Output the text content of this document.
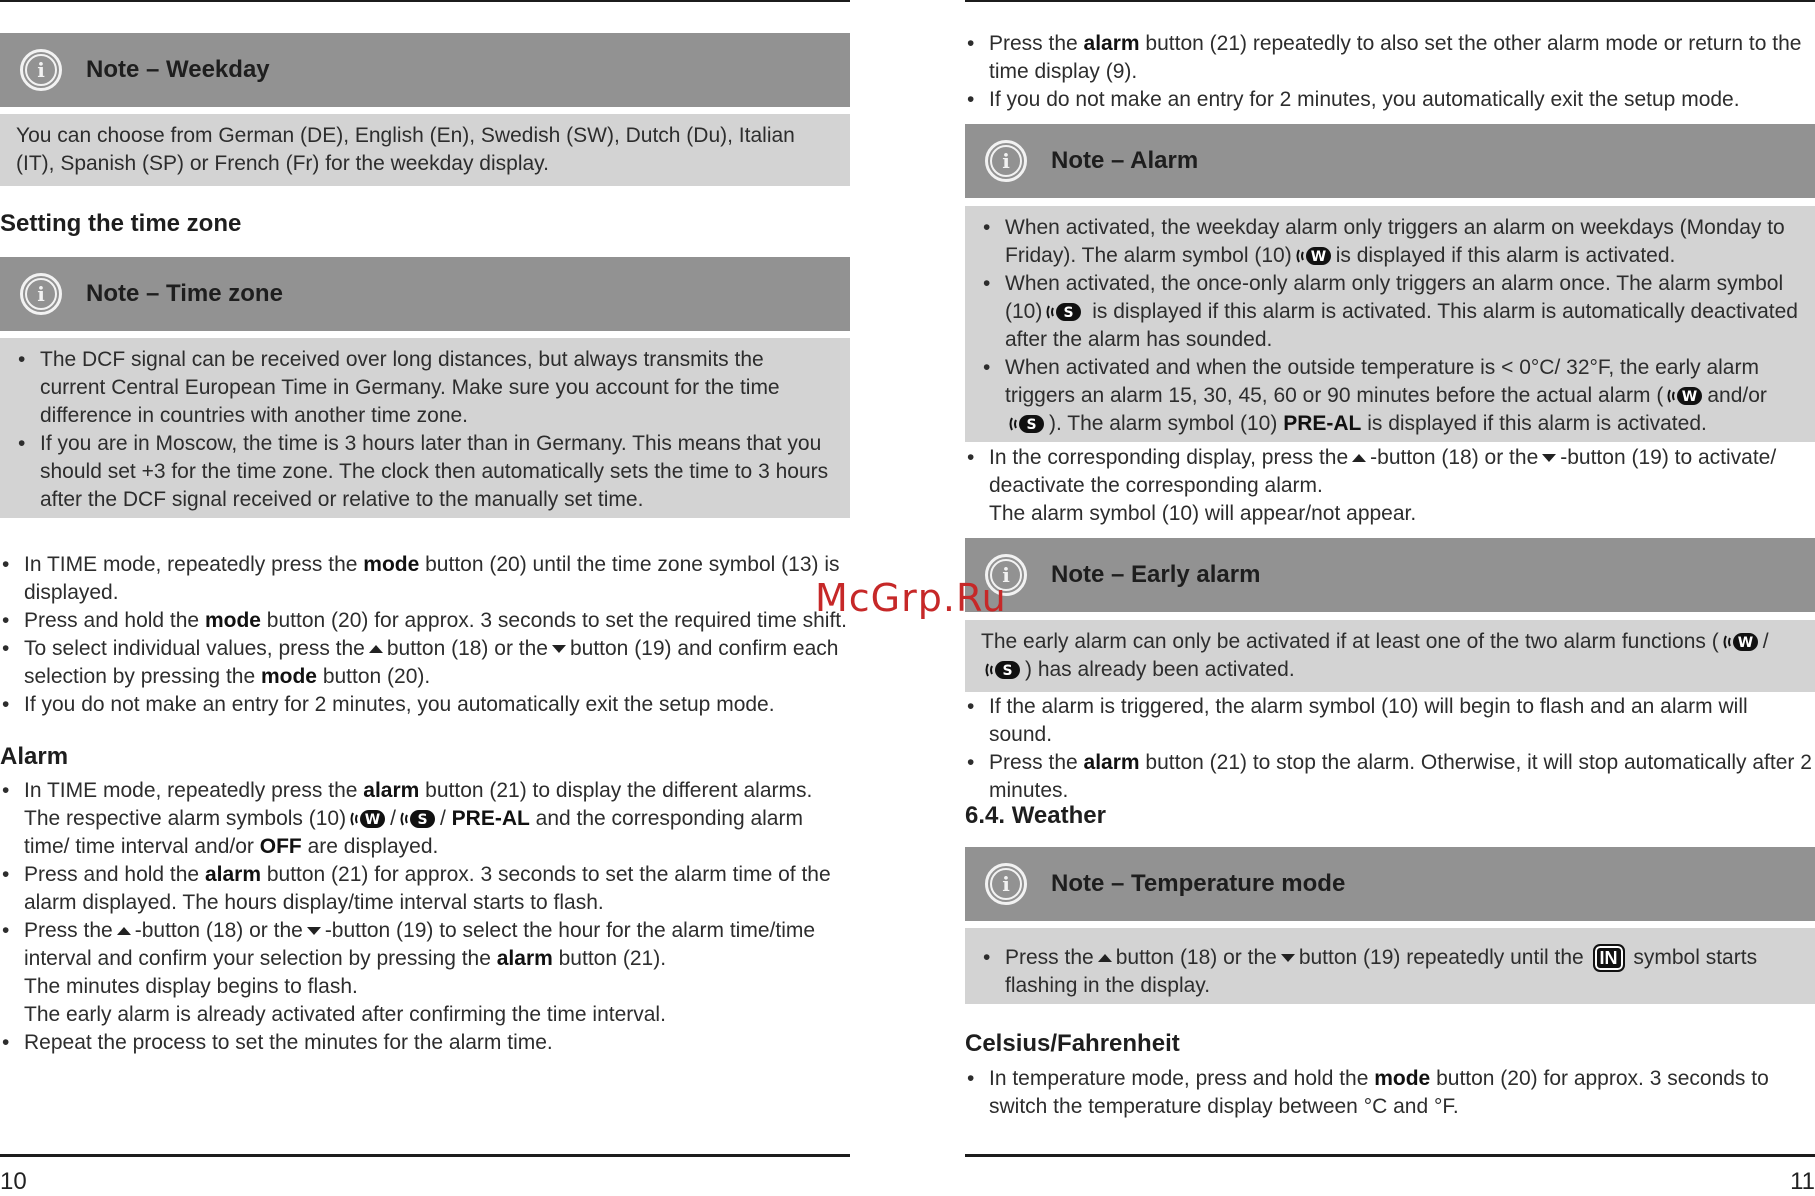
i	Note – Weekday
You can choose from German (DE), English (En), Swedish (SW), Dutch (Du), Italian (IT), Spanish (SP) or French (Fr) for the weekday display.
Setting the time zone
i	Note – Time zone
• The DCF signal can be received over long distances, but always transmits the current Central European Time in Germany. Make sure you account for the time difference in countries with another time zone.
• If you are in Moscow, the time is 3 hours later than in Germany. This means that you should set +3 for the time zone. The clock then automatically sets the time to 3 hours after the DCF signal received or relative to the manually set time.
• In TIME mode, repeatedly press the mode button (20) until the time zone symbol (13) is displayed.
• Press and hold the mode button (20) for approx. 3 seconds to set the required time shift.
• To select individual values, press the button (18) or the button (19) and confirm each selection by pressing the mode button (20).
• If you do not make an entry for 2 minutes, you automatically exit the setup mode.
Alarm
• In TIME mode, repeatedly press the alarm button (21) to display the different alarms. The respective alarm symbols (10) W / S / PRE-AL and the corresponding alarm time/ time interval and/or OFF are displayed.
• Press and hold the alarm button (21) for approx. 3 seconds to set the alarm time of the alarm displayed. The hours display/time interval starts to flash.
• Press the -button (18) or the -button (19) to select the hour for the alarm time/time interval and confirm your selection by pressing the alarm button (21).

The minutes display begins to flash.

The early alarm is already activated after confirming the time interval.

• Repeat the process to set the minutes for the alarm time.
10
• Press the alarm button (21) repeatedly to also set the other alarm mode or return to the time display (9).
• If you do not make an entry for 2 minutes, you automatically exit the setup mode.
i	Note – Alarm
• When activated, the weekday alarm only triggers an alarm on weekdays (Monday to Friday). The alarm symbol (10) W is displayed if this alarm is activated.
• When activated, the once-only alarm only triggers an alarm once. The alarm symbol (10) S is displayed if this alarm is activated. This alarm is automatically deactivated after the alarm has sounded.
• When activated and when the outside temperature is < 0°C/ 32°F, the early alarm triggers an alarm 15, 30, 45, 60 or 90 minutes before the actual alarm ( W and/or
S ). The alarm symbol (10) PRE-AL is displayed if this alarm is activated.
• In the corresponding display, press the -button (18) or the -button (19) to activate/ deactivate the corresponding alarm.

The alarm symbol (10) will appear/not appear.

i	Note – Early alarm
The early alarm can only be activated if at least one of the two alarm functions ( W /
S ) has already been activated.
• If the alarm is triggered, the alarm symbol (10) will begin to flash and an alarm will sound.
• Press the alarm button (21) to stop the alarm. Otherwise, it will stop automatically after 2 minutes.
6.4. Weather
i	Note – Temperature mode
• Press the button (18) or the button (19) repeatedly until the IN symbol starts flashing in the display.
Celsius/Fahrenheit
• In temperature mode, press and hold the mode button (20) for approx. 3 seconds to switch the temperature display between °C and °F.
11
McGrp.Ru
